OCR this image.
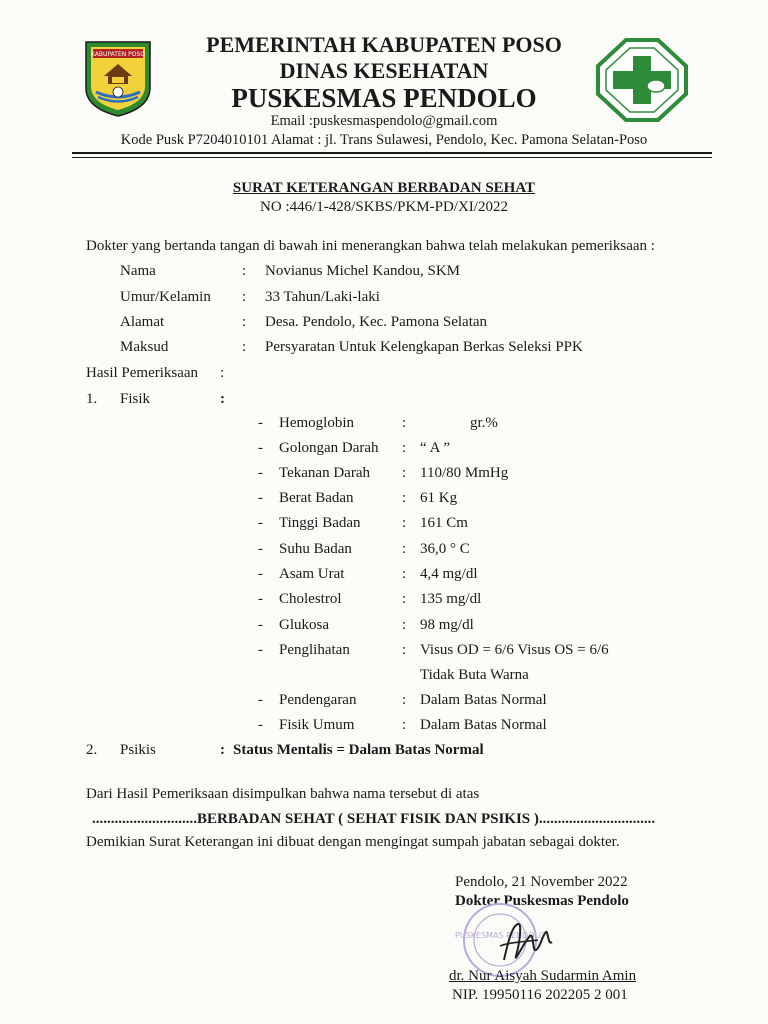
KABUPATEN POSO	PEMERINTAH KABUPATEN POSO
DINAS KESEHATAN
PUSKESMAS PENDOLO
Email :puskesmaspendolo@gmail.com
Kode Pusk P7204010101 Alamat : jl. Trans Sulawesi, Pendolo, Kec. Pamona Selatan-Poso
SURAT KETERANGAN BERBADAN SEHAT
NO :446/1-428/SKBS/PKM-PD/XI/2022
Dokter yang bertanda tangan di bawah ini menerangkan bahwa telah melakukan pemeriksaan :
Nama	: Novianus Michel Kandou, SKM
Umur/Kelamin : 33 Tahun/Laki-laki
Alamat	: Desa. Pendolo, Kec. Pamona Selatan
Maksud	: Persyaratan Untuk Kelengkapan Berkas Seleksi PPK
Hasil Pemeriksaan :
1. Fisik	:
- Hemoglobin	:	gr.%
- Golongan Darah : “ A ”
- Tekanan Darah : 110/80 MmHg
- Berat Badan	: 61 Kg
- Tinggi Badan	: 161 Cm
- Suhu Badan	: 36,0 ° C
- Asam Urat	: 4,4 mg/dl
- Cholestrol	: 135 mg/dl
- Glukosa	: 98 mg/dl
- Penglihatan	: Visus OD = 6/6 Visus OS = 6/6
Tidak Buta Warna
- Pendengaran	: Dalam Batas Normal
- Fisik Umum	: Dalam Batas Normal
2. Psikis	: Status Mentalis = Dalam Batas Normal
Dari Hasil Pemeriksaan disimpulkan bahwa nama tersebut di atas
............................BERBADAN SEHAT ( SEHAT FISIK DAN PSIKIS )...............................
Demikian Surat Keterangan ini dibuat dengan mengingat sumpah jabatan sebagai dokter.
Pendolo, 21 November 2022
Dokter Puskesmas Pendolo
PUSKESMAS PENDOLO
dr. Nur Aisyah Sudarmin Amin
NIP. 19950116 202205 2 001
